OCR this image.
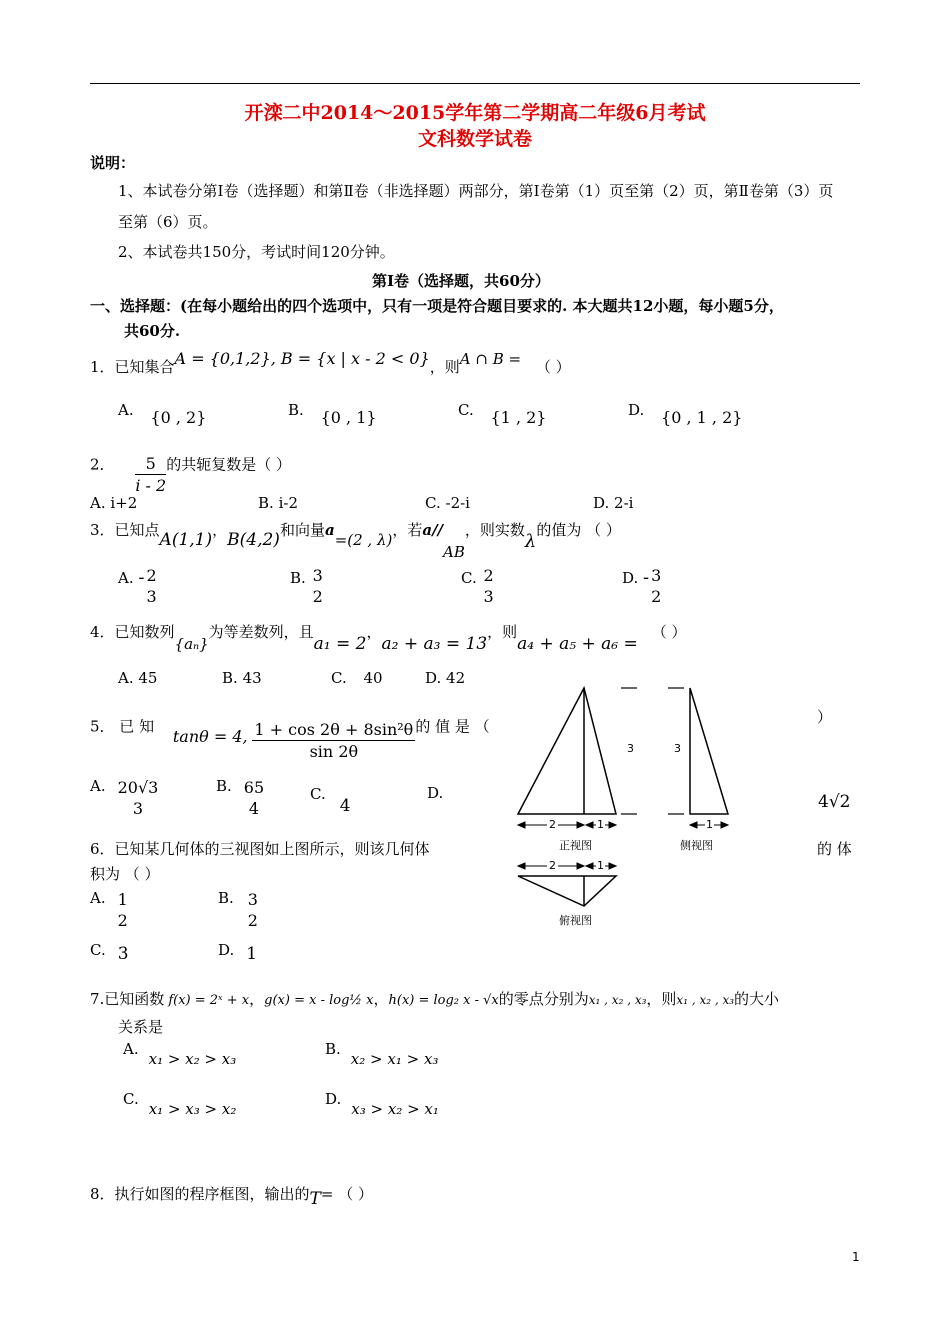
开滦二中2014～2015学年第二学期高二年级6月考试
文科数学试卷
说明：
1、本试卷分第Ⅰ卷（选择题）和第Ⅱ卷（非选择题）两部分，第Ⅰ卷第（1）页至第（2）页，第Ⅱ卷第（3）页
至第（6）页。
2、本试卷共150分，考试时间120分钟。
第Ⅰ卷（选择题，共60分）
一、选择题：(在每小题给出的四个选项中，只有一项是符合题目要求的. 本大题共12小题，每小题5分，
共60分.
1．已知集合A = {0,1,2}, B = {x | x - 2 < 0}，则A ∩ B = （ ）
A. {0 , 2}	B. {0 , 1}	C. {1 , 2}	D. {0 , 1 , 2}
2． $\frac{5}{i - 2}$ 的共轭复数是（ ）
A. i+2	B. i-2	C. -2-i	D. 2-i
3．已知点A(1,1)，B(4,2)和向量a=(2 , λ)，若a//AB，则实数λ的值为 （ ）
A. - 2
3
B. 3
2
C. 2
3
D. - 3
2
4．已知数列{aₙ}为等差数列，且a₁ = 2，a₂ + a₃ = 13，则a₄ + a₅ + a₆ =（ ）
A. 45	B. 43	C. 40	D. 42
5． 已 知 tanθ = 4, $\frac{\text{1 + cos 2θ + 8sin²θ}}{\sin 2\theta}$ 的 值 是 （
）
A. 20√3
3
B. 65
4
C.4
D.	4√2
3	3
2	1	1
正视图	侧视图
2	1
俯视图
6．已知某几何体的三视图如上图所示，则该几何体	的 体
积为 （ ）
A. 1
2
B. 3
2
C. 3	D. 1
7.已知函数 f(x) = 2ˣ + x，g(x) = x - log½ x，h(x) = log₂ x - √x的零点分别为x₁ , x₂ , x₃，则x₁ , x₂ , x₃的大小
关系是
A.x₁ > x₂ > x₃
B.x₂ > x₁ > x₃
C.x₁ > x₃ > x₂
D.x₃ > x₂ > x₁
8．执行如图的程序框图，输出的T= （ ）
1
